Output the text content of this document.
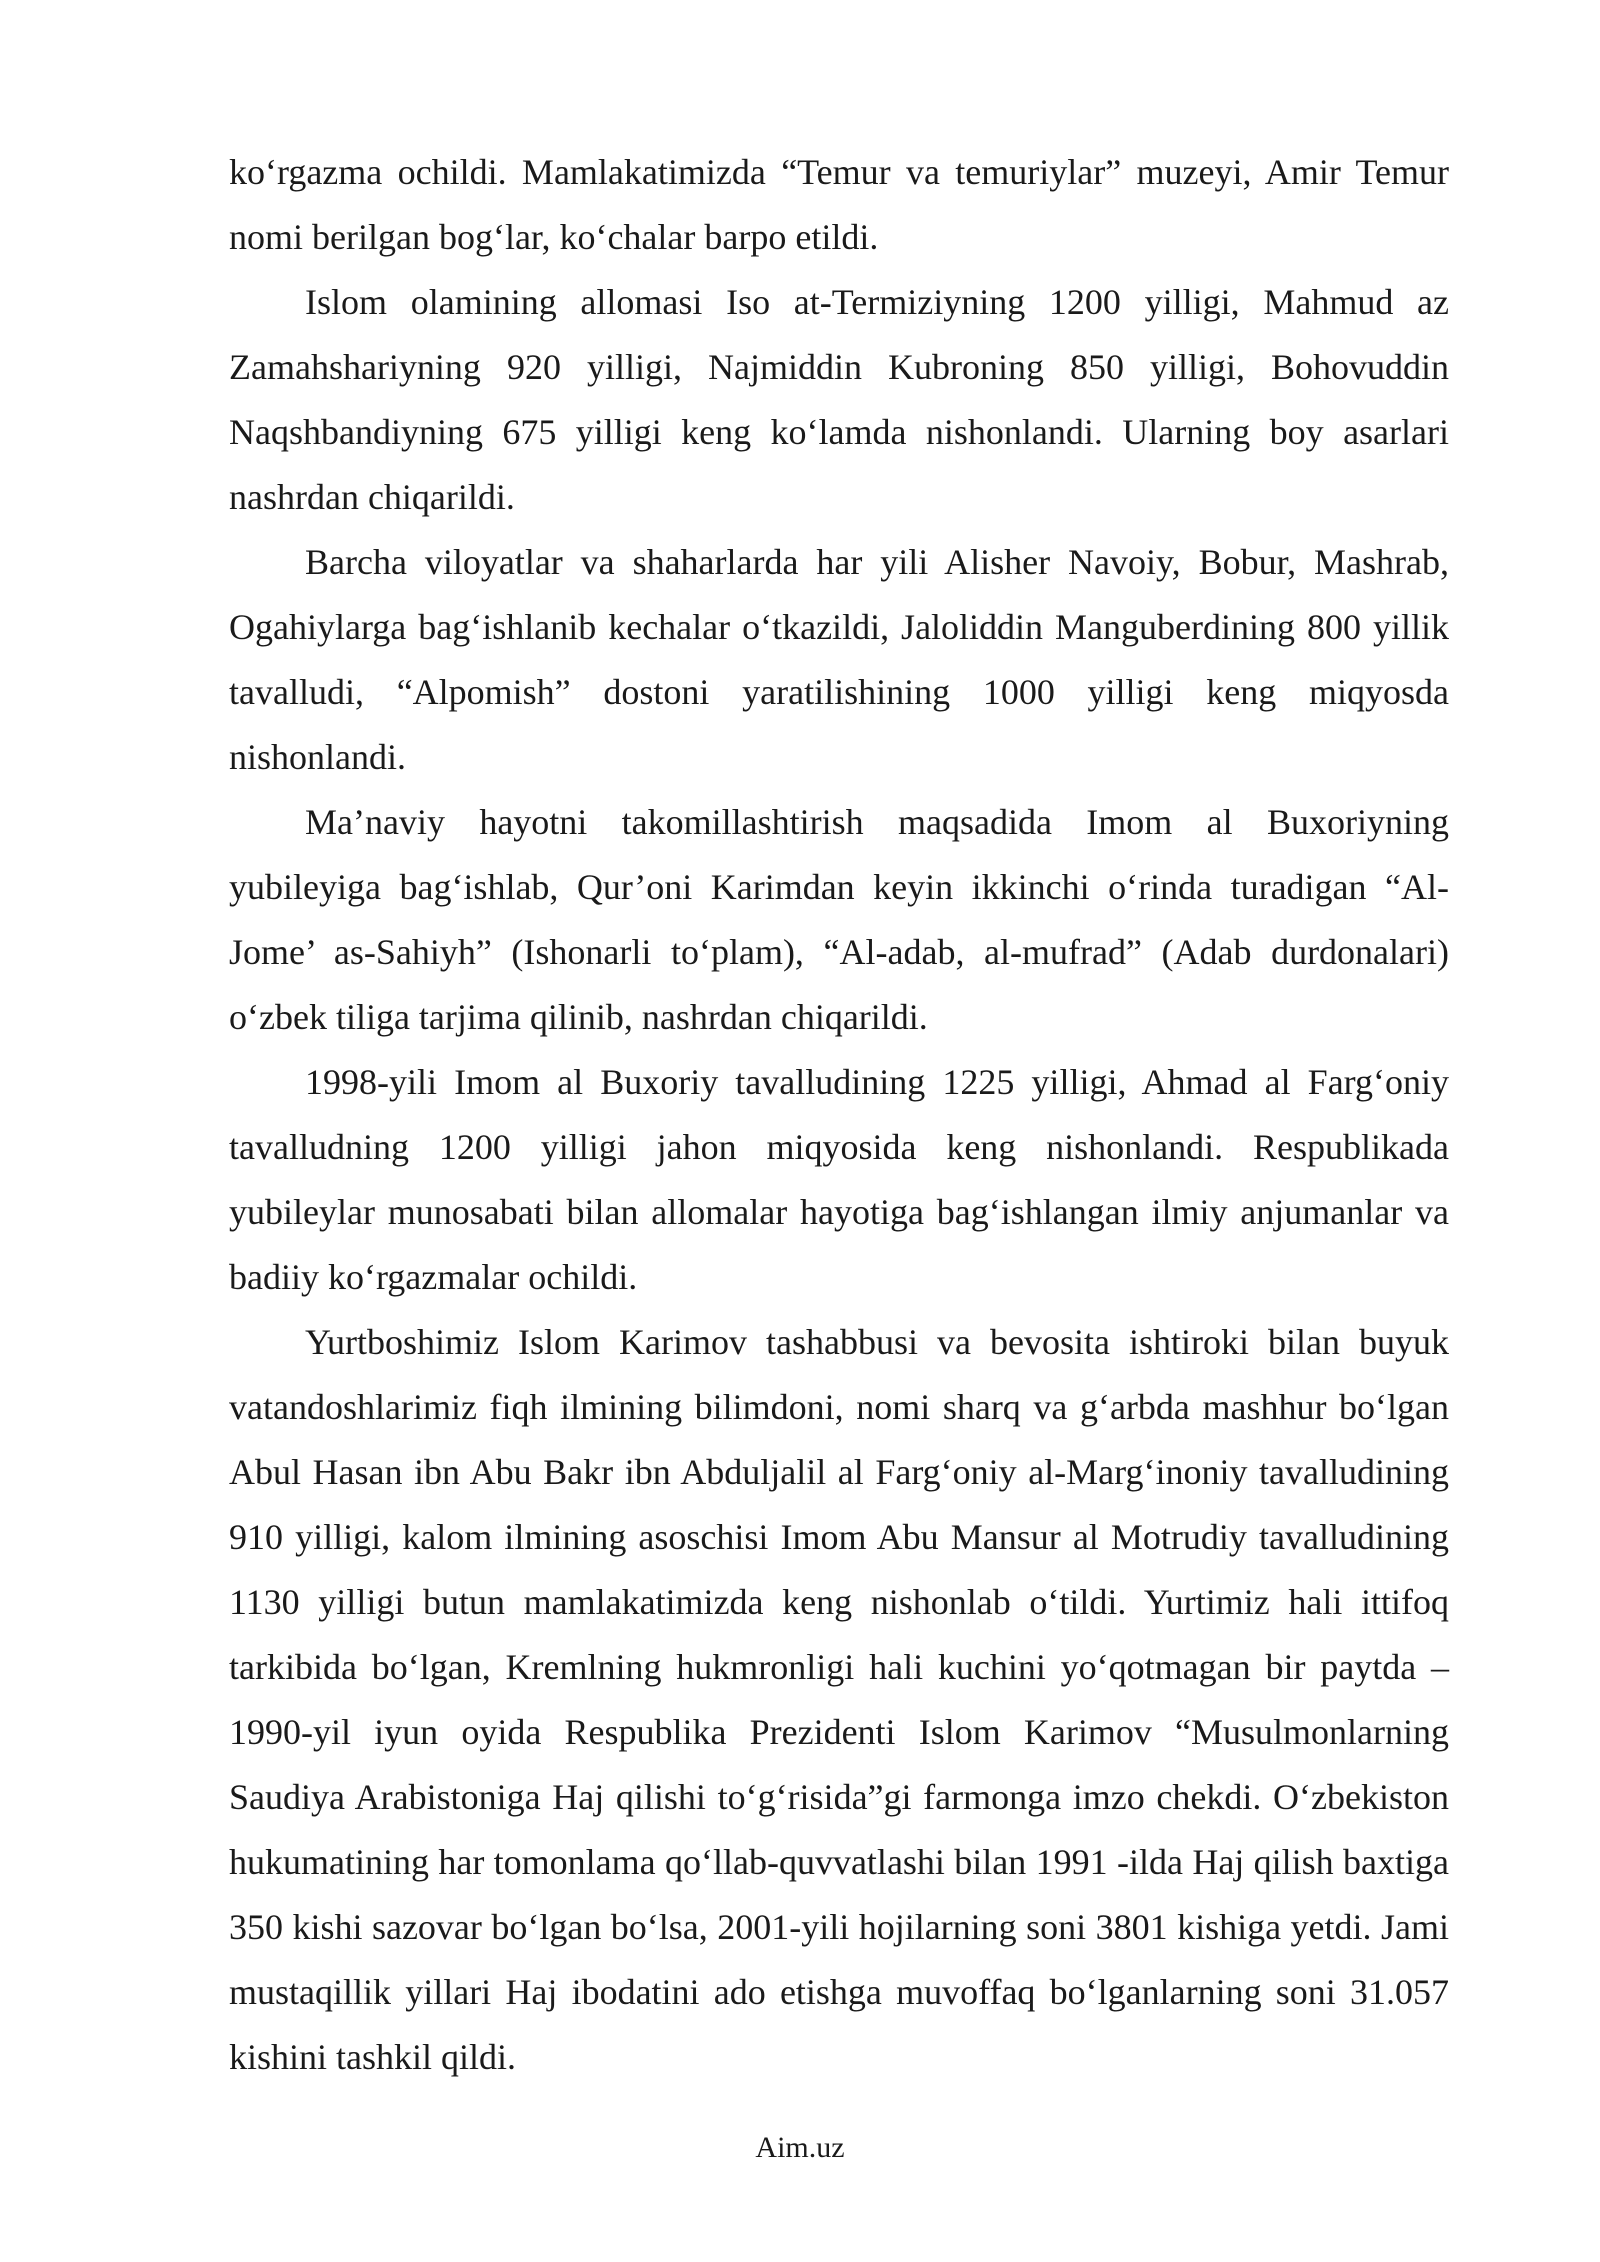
ko‘rgazma ochildi. Mamlakatimizda “Temur va temuriylar” muzeyi, Amir Temur nomi berilgan bog‘lar, ko‘chalar barpo etildi.

Islom olamining allomasi Iso at-Termiziyning 1200 yilligi, Mahmud az Zamahshariyning 920 yilligi, Najmiddin Kubroning 850 yilligi, Bohovuddin Naqshbandiyning 675 yilligi keng ko‘lamda nishonlandi. Ularning boy asarlari nashrdan chiqarildi.

Barcha viloyatlar va shaharlarda har yili Alisher Navoiy, Bobur, Mashrab, Ogahiylarga bag‘ishlanib kechalar o‘tkazildi, Jaloliddin Manguberdining 800 yillik tavalludi, “Alpomish” dostoni yaratilishining 1000 yilligi keng miqyosda nishonlandi.

Ma’naviy hayotni takomillashtirish maqsadida Imom al Buxoriyning yubileyiga bag‘ishlab, Qur’oni Karimdan keyin ikkinchi o‘rinda turadigan “Al-Jome’ as-Sahiyh” (Ishonarli to‘plam), “Al-adab, al-mufrad” (Adab durdonalari) o‘zbek tiliga tarjima qilinib, nashrdan chiqarildi.

1998-yili Imom al Buxoriy tavalludining 1225 yilligi, Ahmad al Farg‘oniy tavalludning 1200 yilligi jahon miqyosida keng nishonlandi. Respublikada yubileylar munosabati bilan allomalar hayotiga bag‘ishlangan ilmiy anjumanlar va badiiy ko‘rgazmalar ochildi.

Yurtboshimiz Islom Karimov tashabbusi va bevosita ishtiroki bilan buyuk vatandoshlarimiz fiqh ilmining bilimdoni, nomi sharq va g‘arbda mashhur bo‘lgan Abul Hasan ibn Abu Bakr ibn Abduljalil al Farg‘oniy al-Marg‘inoniy tavalludining 910 yilligi, kalom ilmining asoschisi Imom Abu Mansur al Motrudiy tavalludining 1130 yilligi butun mamlakatimizda keng nishonlab o‘tildi. Yurtimiz hali ittifoq tarkibida bo‘lgan, Kremlning hukmronligi hali kuchini yo‘qotmagan bir paytda – 1990-yil iyun oyida Respublika Prezidenti Islom Karimov “Musulmonlarning Saudiya Arabistoniga Haj qilishi to‘g‘risida”gi farmonga imzo chekdi. O‘zbekiston hukumatining har tomonlama qo‘llab-quvvatlashi bilan 1991 -ilda Haj qilish baxtiga 350 kishi sazovar bo‘lgan bo‘lsa, 2001-yili hojilarning soni 3801 kishiga yetdi. Jami mustaqillik yillari Haj ibodatini ado etishga muvoffaq bo‘lganlarning soni 31.057 kishini tashkil qildi.

Aim.uz
